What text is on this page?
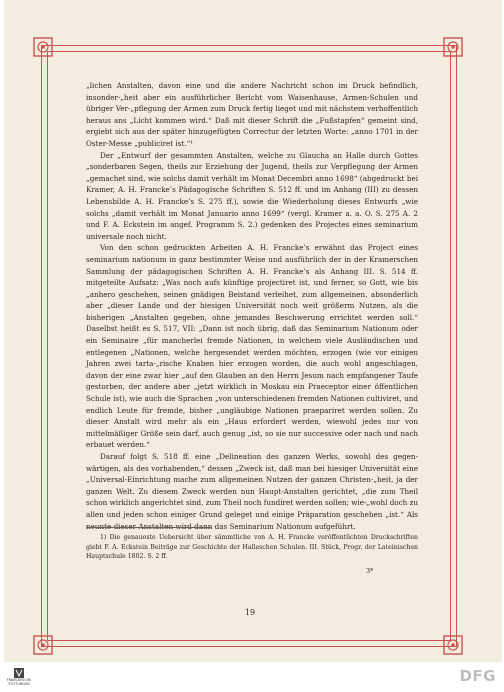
„lichen Anstalten, davon eine und die andere Nachricht schon im Druck befindlich, insonder-„heit aber ein ausführlicher Bericht vom Waisenhause, Armen-Schulen und übriger Ver-„pflegung der Armen zum Druck fertig lieget und mit nächstem verhoffentlich heraus ans „Licht kommen wird.“ Daß mit dieser Schrift die „Fußstapfen“ gemeint sind, ergiebt sich aus der später hinzugefügten Correctur der letzten Worte: „anno 1701 in der Oster-Messe „publiciret ist.“¹

Der „Entwurf der gesammten Anstalten, welche zu Glaucha an Halle durch Gottes „sonderbaren Segen, theils zur Erziehung der Jugend, theils zur Verpflegung der Armen „gemachet sind, wie solchs damit verhält im Monat Decembri anno 1698“ (abgedruckt bei Kramer, A. H. Francke’s Pädagogische Schriften S. 512 ff. und im Anhang (III) zu dessen Lebensbilde A. H. Francke’s S. 275 ff.), sowie die Wiederholung dieses Entwurfs „wie solchs „damit verhält im Monat Januario anno 1699“ (vergl. Kramer a. a. O. S. 275 A. 2 und F. A. Eckstein im angef. Programm S. 2.) gedenken des Projectes eines seminarium universale noch nicht.

Von den schon gedruckten Arbeiten A. H. Francke’s erwähnt das Project eines seminarium nationum in ganz bestimmter Weise und ausführlich der in der Kramerschen Sammlung der pädagogischen Schriften A. H. Francke’s als Anhang III. S. 514 ff. mitgeteilte Aufsatz: „Was noch aufs künftige projectiret ist, und ferner, so Gott, wie bis „anhero geschehen, seinen gnädigen Beistand verleihet, zum allgemeinen, absonderlich aber „dieser Lande und der hiesigen Universität noch weit größerm Nutzen, als die bisherigen „Anstalten gegeben, ohne jemandes Beschwerung errichtet werden soll.“ Daselbst heißt es S. 517, VII: „Dann ist noch übrig, daß das Seminarium Nationum oder ein Seminaire „für mancherlei fremde Nationen, in welchem viele Ausländischen und entlegenen „Nationen, welche hergesendet werden möchten, erzogen (wie vor einigen Jahren zwei tarta-„rische Knaben hier erzogen worden, die auch wohl angeschlagen, davon der eine zwar hier „auf den Glauben an den Herrn Jesum nach empfangener Taufe gestorben, der andere aber „jetzt wirklich in Moskau ein Praeceptor einer öffentlichen Schule ist), wie auch die Sprachen „von unterschiedenen fremden Nationen cultiviret, und endlich Leute für fremde, bisher „ungläubige Nationen praepariret werden sollen. Zu dieser Anstalt wird mehr als ein „Haus erfordert werden, wiewohl jedes nur von mittelmäßiger Größe sein darf, auch genug „ist, so sie nur successive oder nach und nach erbauet werden.“

Darauf folgt S. 518 ff. eine „Delineation des ganzen Werks, sowohl des gegen-wärtigen, als des vorhabenden,“ dessen „Zweck ist, daß man bei hiesiger Universität eine „Universal-Einrichtung mache zum allgemeinen Nutzen der ganzen Christen-„heit, ja der ganzen Welt. Zu diesem Zweck werden nun Haupt-Anstalten gerichtet, „die zum Theil schon wirklich angerichtet sind, zum Theil noch fundiret werden sollen; wie-„wohl doch zu allen und jeden schon einiger Grund geleget und einige Präparation geschehen „ist.“ Als neunte dieser Anstalten wird dann das Seminarium Nationum aufgeführt.

1) Die genaueste Uebersicht über sämmtliche von A. H. Francke veröffentlichten Druckschriften giebt F. A. Eckstein Beiträge zur Geschichte der Halleschen Schulen. III. Stück, Progr. der Lateinischen Hauptschule 1802. S. 2 ff.

3*
19
FRANCKESCHE
STIFTUNGEN	DFG
